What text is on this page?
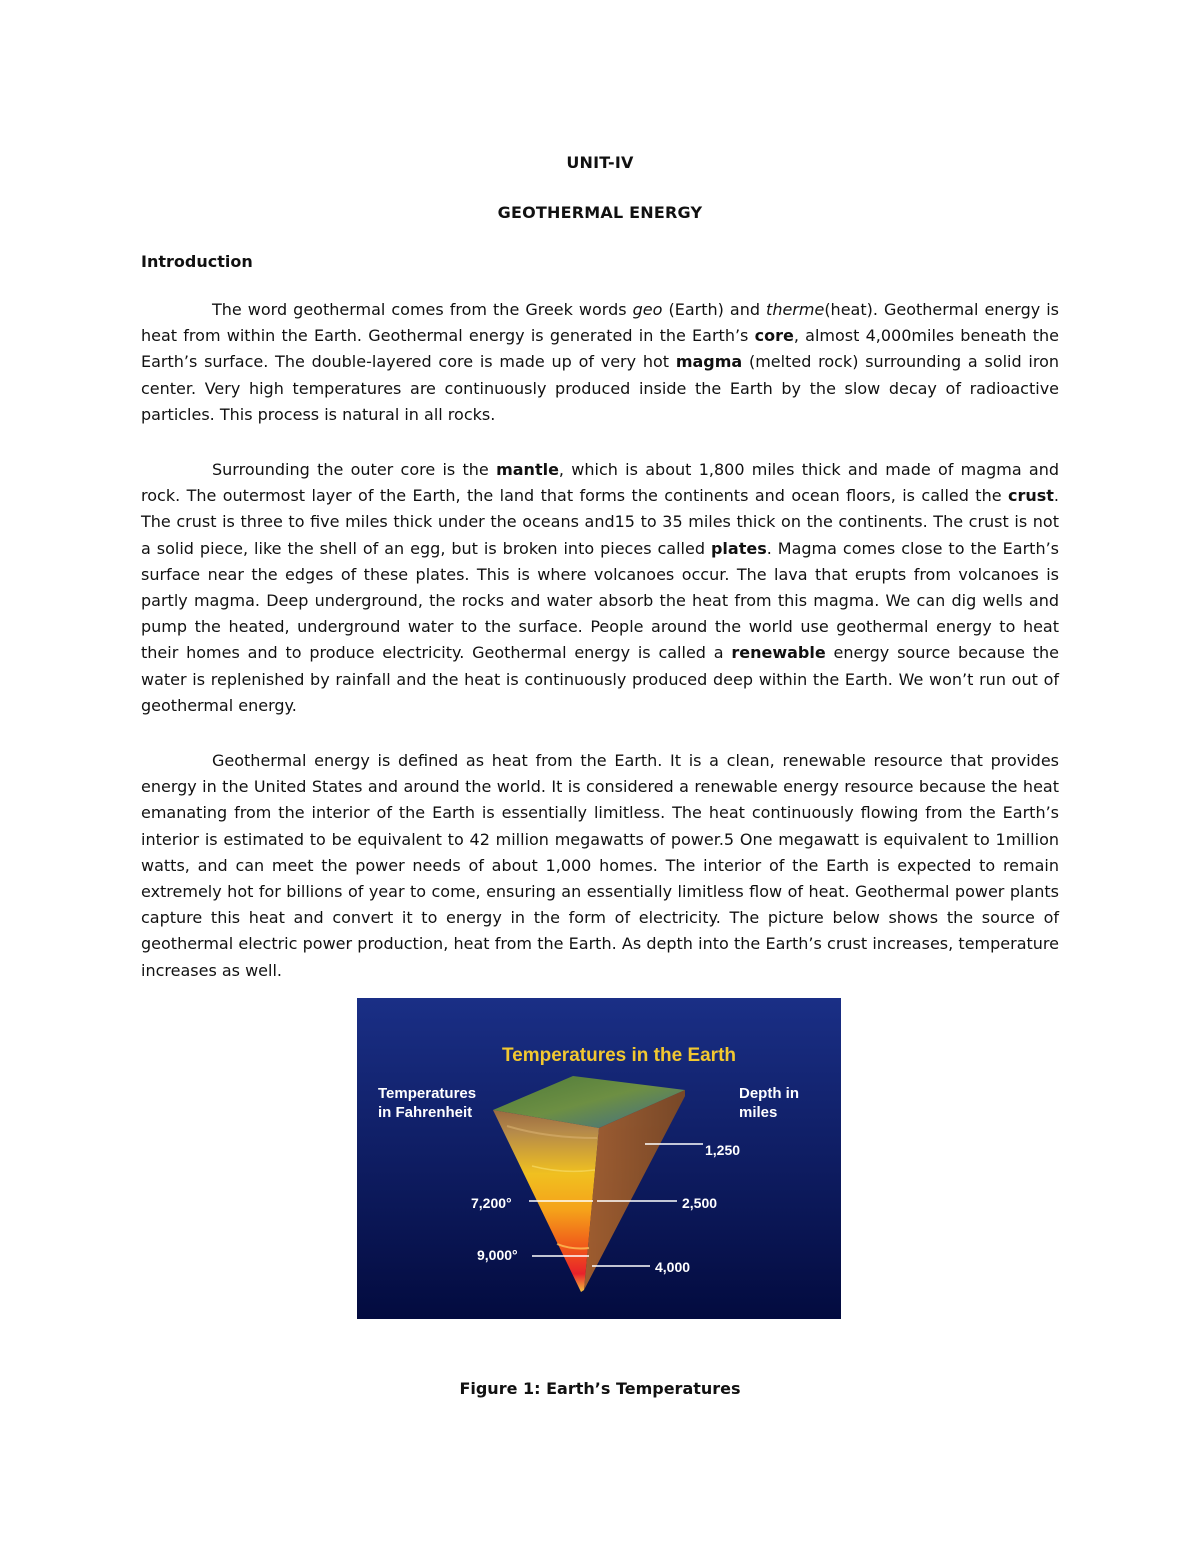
UNIT-IV
GEOTHERMAL ENERGY
Introduction

The word geothermal comes from the Greek words geo (Earth) and therme(heat). Geothermal energy is heat from within the Earth. Geothermal energy is generated in the Earth’s core, almost 4,000miles beneath the Earth’s surface. The double-layered core is made up of very hot magma (melted rock) surrounding a solid iron center. Very high temperatures are continuously produced inside the Earth by the slow decay of radioactive particles. This process is natural in all rocks.

Surrounding the outer core is the mantle, which is about 1,800 miles thick and made of magma and rock. The outermost layer of the Earth, the land that forms the continents and ocean floors, is called the crust. The crust is three to five miles thick under the oceans and15 to 35 miles thick on the continents. The crust is not a solid piece, like the shell of an egg, but is broken into pieces called plates. Magma comes close to the Earth’s surface near the edges of these plates. This is where volcanoes occur. The lava that erupts from volcanoes is partly magma. Deep underground, the rocks and water absorb the heat from this magma. We can dig wells and pump the heated, underground water to the surface. People around the world use geothermal energy to heat their homes and to produce electricity. Geothermal energy is called a renewable energy source because the water is replenished by rainfall and the heat is continuously produced deep within the Earth. We won’t run out of geothermal energy.

Geothermal energy is defined as heat from the Earth. It is a clean, renewable resource that provides energy in the United States and around the world. It is considered a renewable energy resource because the heat emanating from the interior of the Earth is essentially limitless. The heat continuously flowing from the Earth’s interior is estimated to be equivalent to 42 million megawatts of power.5 One megawatt is equivalent to 1million watts, and can meet the power needs of about 1,000 homes. The interior of the Earth is expected to remain extremely hot for billions of year to come, ensuring an essentially limitless flow of heat. Geothermal power plants capture this heat and convert it to energy in the form of electricity. The picture below shows the source of geothermal electric power production, heat from the Earth. As depth into the Earth’s crust increases, temperature increases as well.

Figure 1: Earth’s Temperatures
Temperatures in the Earth
Temperatures
in Fahrenheit
Depth in
miles
1,250
2,500
4,000
7,200°
9,000°
